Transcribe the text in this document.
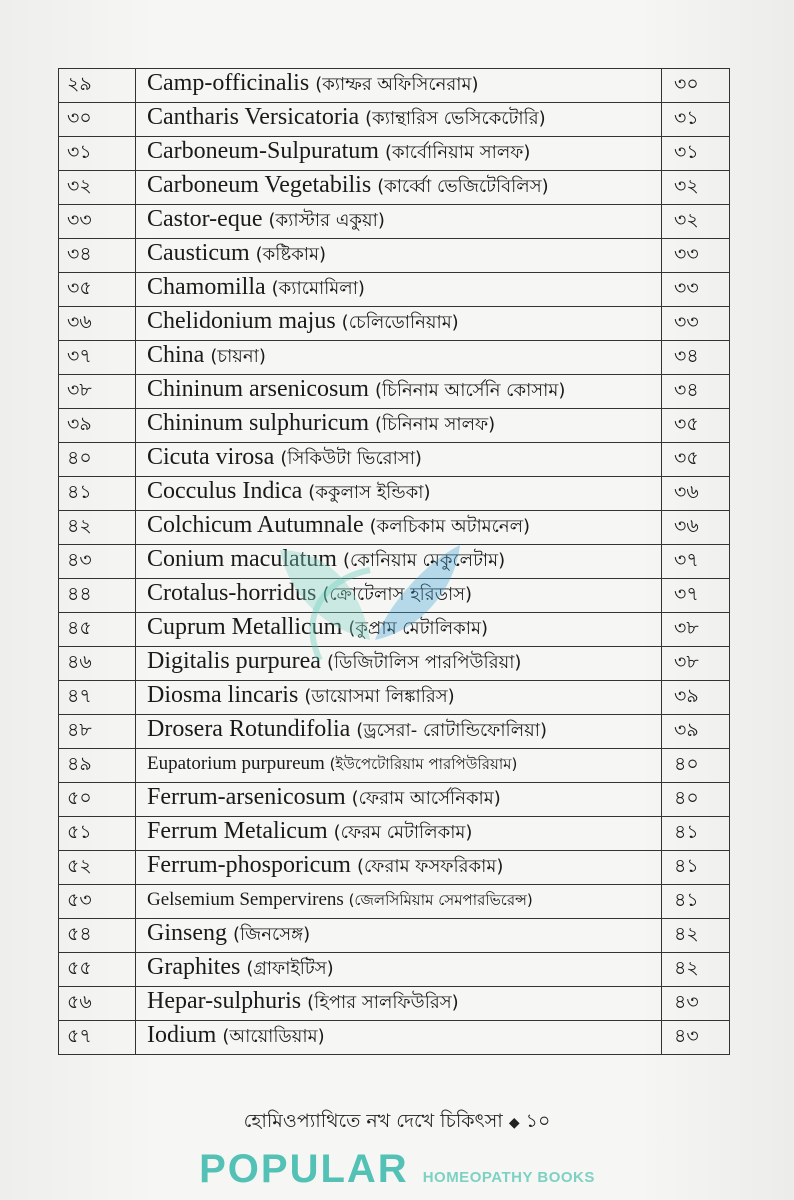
২৯	Camp-officinalis (ক্যাম্ফর অফিসিনেরাম)	৩০
৩০	Cantharis Versicatoria (ক্যান্থারিস ভেসিকেটোরি)	৩১
৩১	Carboneum-Sulpuratum (কার্বোনিয়াম সালফ)	৩১
৩২	Carboneum Vegetabilis (কার্ব্বো ভেজিটেবিলিস)	৩২
৩৩	Castor-eque (ক্যাস্টার একুয়া)	৩২
৩৪	Causticum (কষ্টিকাম)	৩৩
৩৫	Chamomilla (ক্যামোমিলা)	৩৩
৩৬	Chelidonium majus (চেলিডোনিয়াম)	৩৩
৩৭	China (চায়না)	৩৪
৩৮	Chininum arsenicosum (চিনিনাম আর্সেনি কোসাম)	৩৪
৩৯	Chininum sulphuricum (চিনিনাম সালফ)	৩৫
৪০	Cicuta virosa (সিকিউটা ভিরোসা)	৩৫
৪১	Cocculus Indica (ককুলাস ইন্ডিকা)	৩৬
৪২	Colchicum Autumnale (কলচিকাম অটামনেল)	৩৬
৪৩	Conium maculatum (কোনিয়াম মেকুলেটাম)	৩৭
৪৪	Crotalus-horridus (ক্রোটেলাস হরিডাস)	৩৭
৪৫	Cuprum Metallicum (কুপ্রাম মেটালিকাম)	৩৮
৪৬	Digitalis purpurea (ডিজিটালিস পারপিউরিয়া)	৩৮
৪৭	Diosma lincaris (ডায়োসমা লিঙ্কারিস)	৩৯
৪৮	Drosera Rotundifolia (ড্রসেরা- রোটান্ডিফোলিয়া)	৩৯
৪৯	Eupatorium purpureum (ইউপেটোরিয়াম পারপিউরিয়াম)	৪০
৫০	Ferrum-arsenicosum (ফেরাম আর্সেনিকাম)	৪০
৫১	Ferrum Metalicum (ফেরম মেটালিকাম)	৪১
৫২	Ferrum-phosporicum (ফেরাম ফসফরিকাম)	৪১
৫৩	Gelsemium Sempervirens (জেলসিমিয়াম সেমপারভিরেন্স)	৪১
৫৪	Ginseng (জিনসেঙ্গ)	৪২
৫৫	Graphites (গ্রাফাইটিস)	৪২
৫৬	Hepar-sulphuris (হিপার সালফিউরিস)	৪৩
৫৭	Iodium (আয়োডিয়াম)	৪৩
হোমিওপ্যাথিতে নখ দেখে চিকিৎসা ◆ ১০
POPULAR HOMEOPATHY BOOKS
